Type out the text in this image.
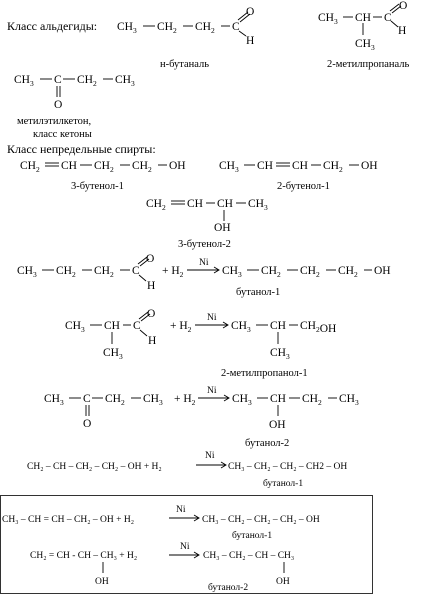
Класс альдегиды: $CH_3$ $CH_2$ $CH_2$ C
O
H
н-бутаналь
$CH_3$ CH C
O
H
$CH_3$
2-метилпропаналь
$CH_3$ C $CH_2$ $CH_3$
O
метилэтилкетон,
класс кетоны
Класс непредельные спирты:
$CH_2$ CH $CH_2$ $CH_2$ OH
3-бутенол-1
$CH_3$ CH CH $CH_2$ OH
2-бутенол-1
$CH_2$ CH CH $CH_3$
OH
3-бутенол-2
$CH_3$ $CH_2$ $CH_2$ C
O
H
+ $H_2$
Ni
$CH_3$ $CH_2$ $CH_2$ $CH_2$ OH
бутанол-1
$CH_3$ CH C
O
H
$CH_3$
+ $H_2$
Ni
$CH_3$ CH $CH_2OH$
$CH_3$
2-метилпропанол-1
$CH_3$ C $CH_2$ $CH_3$
O
+ $H_2$
Ni
$CH_3$ CH $CH_2$ $CH_3$
OH
бутанол-2
CH₂ – CH – CH₂ – CH₂ – OH + H₂
Ni
CH₃ – CH₂ – CH₂ – CH2 – OH
бутанол-1
CH₃ – CH = CH – CH₂ – OH + H₂
Ni
CH₃ – CH₂ – CH₂ – CH₂ – OH
бутанол-1
CH₂ = CH - CH – CH₃ + H₂
OH
Ni
CH₃ – CH₂ – CH – CH₃
OH
бутанол-2
